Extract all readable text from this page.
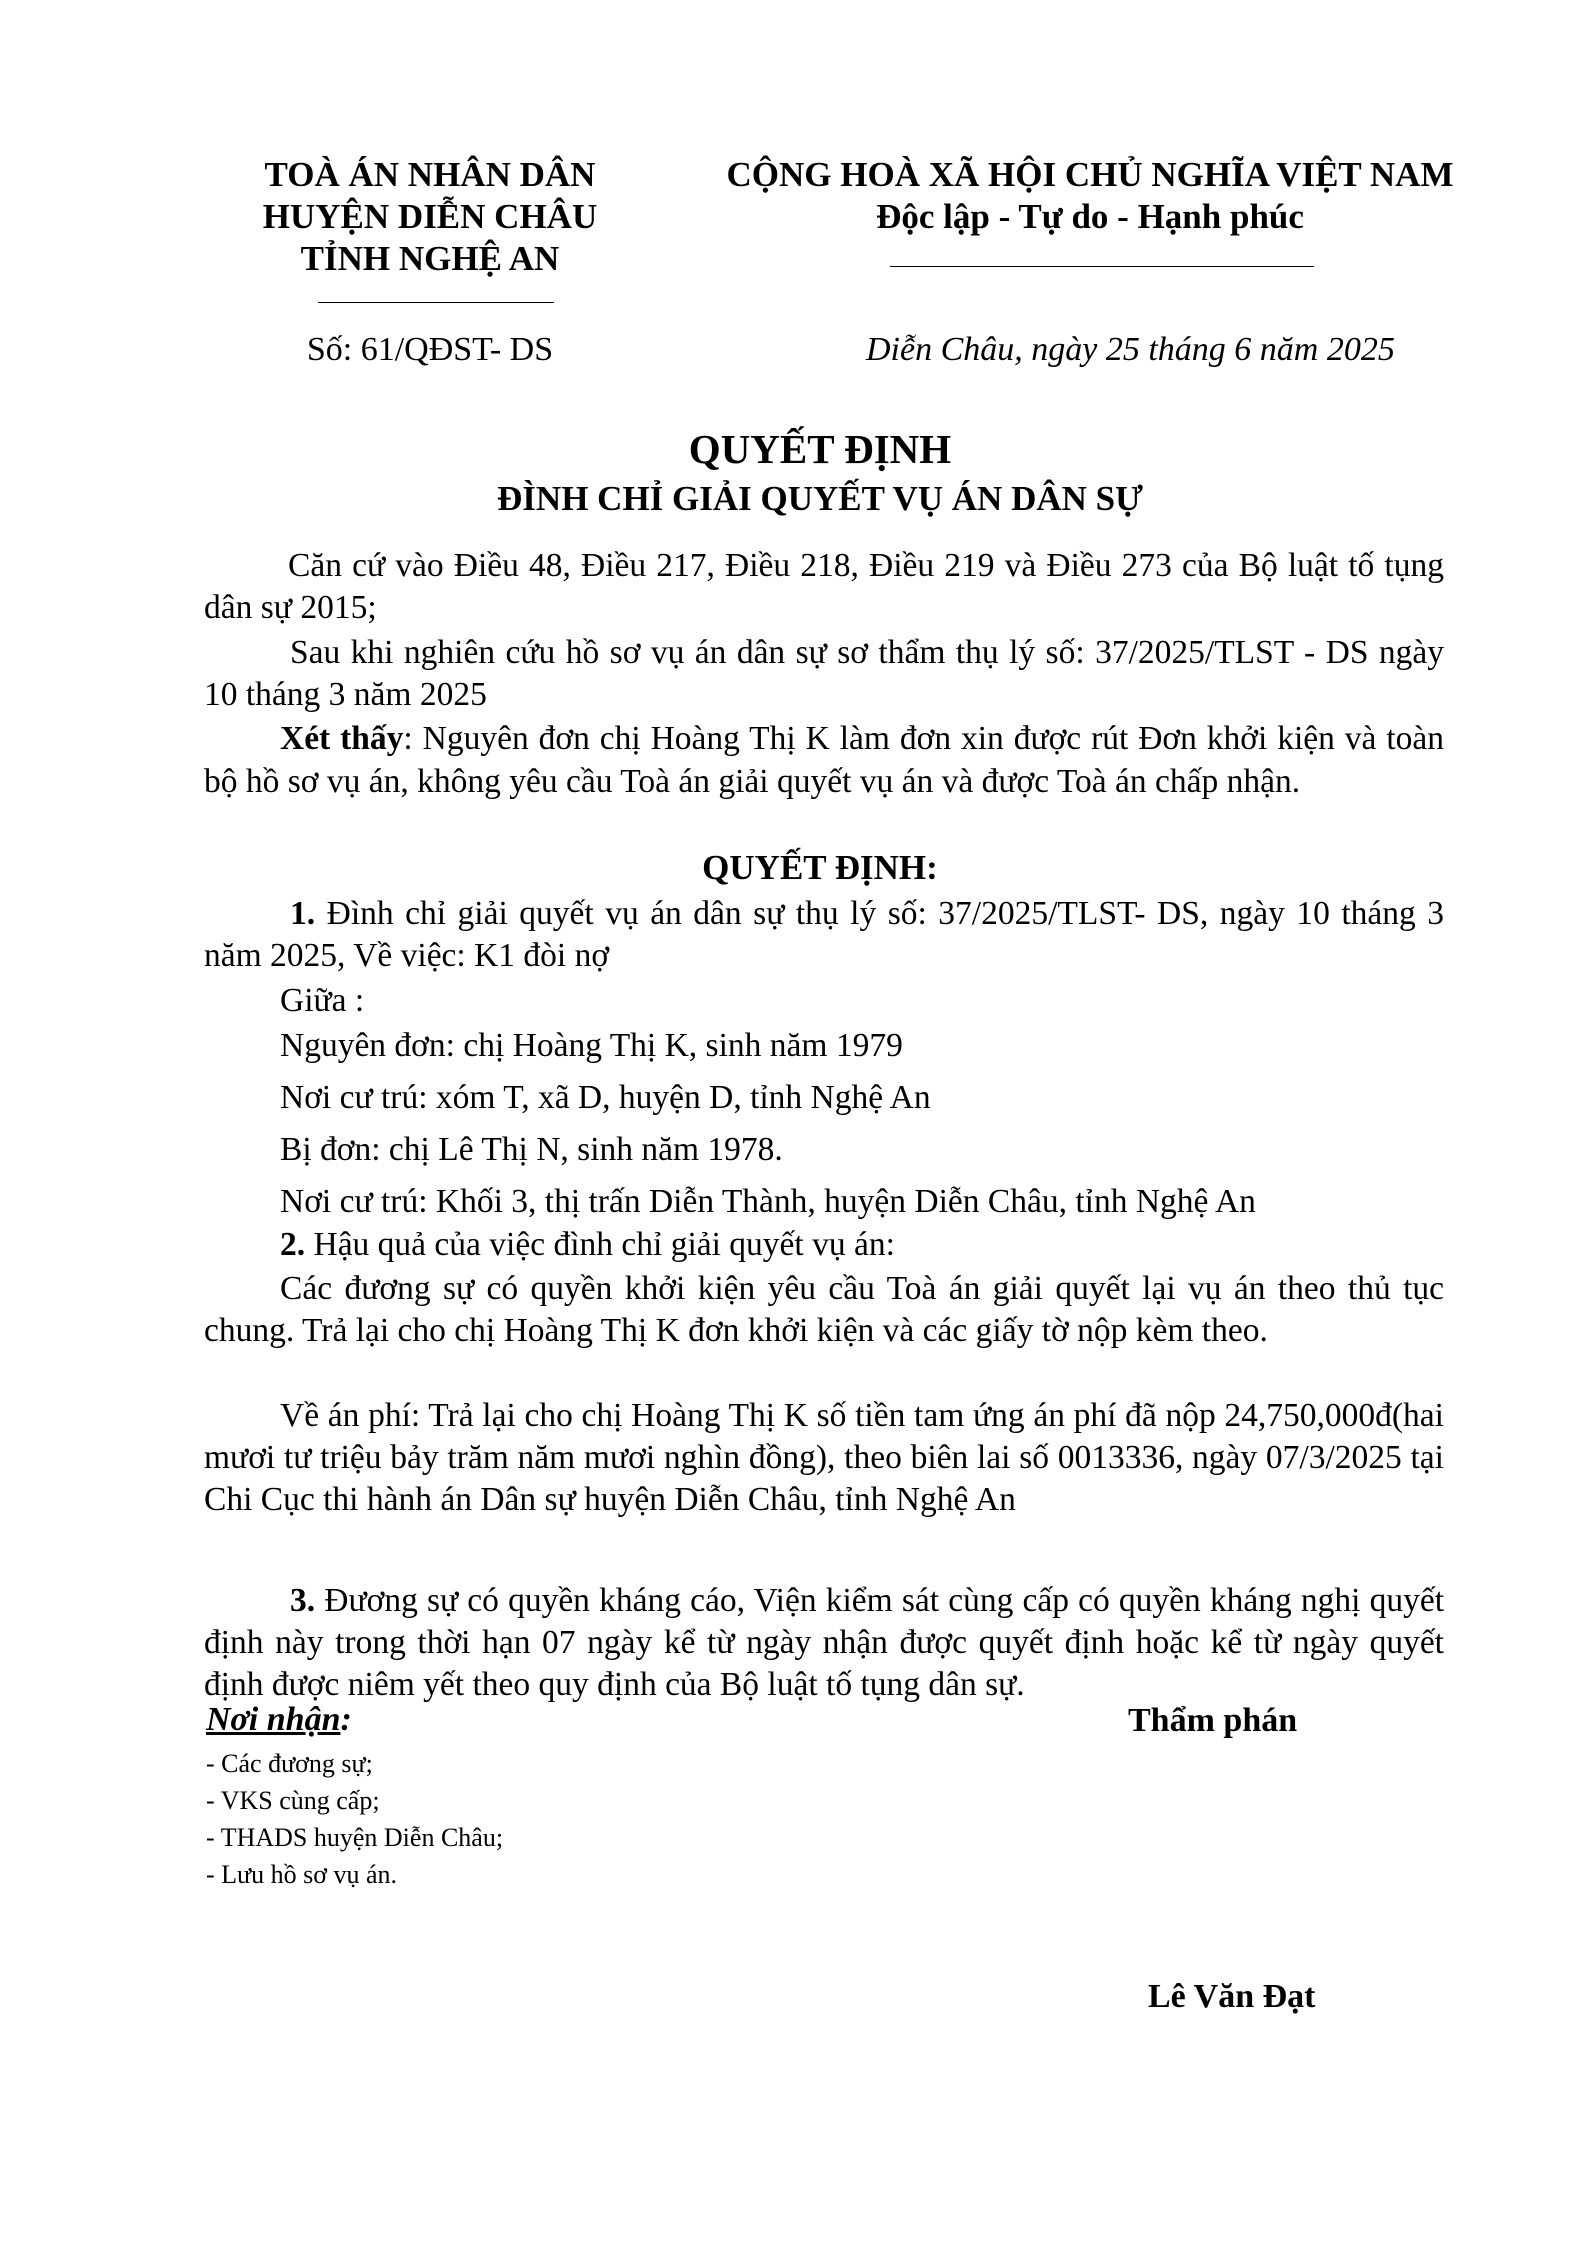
TOÀ ÁN NHÂN DÂN
HUYỆN DIỄN CHÂU
TỈNH NGHỆ AN
CỘNG HOÀ XÃ HỘI CHỦ NGHĨA VIỆT NAM
Độc lập - Tự do - Hạnh phúc
Số: 61/QĐST- DS	Diễn Châu, ngày 25 tháng 6 năm 2025
QUYẾT ĐỊNH
ĐÌNH CHỈ GIẢI QUYẾT VỤ ÁN DÂN SỰ
Căn cứ vào Điều 48, Điều 217, Điều 218, Điều 219 và Điều 273 của Bộ luật tố tụng dân sự 2015;
Sau khi nghiên cứu hồ sơ vụ án dân sự sơ thẩm thụ lý số: 37/2025/TLST - DS ngày 10 tháng 3 năm 2025
Xét thấy: Nguyên đơn chị Hoàng Thị K làm đơn xin được rút Đơn khởi kiện và toàn bộ hồ sơ vụ án, không yêu cầu Toà án giải quyết vụ án và được Toà án chấp nhận.
QUYẾT ĐỊNH:
1. Đình chỉ giải quyết vụ án dân sự thụ lý số: 37/2025/TLST- DS, ngày 10 tháng 3 năm 2025, Về việc: K1 đòi nợ
Giữa :
Nguyên đơn: chị Hoàng Thị K, sinh năm 1979
Nơi cư trú: xóm T, xã D, huyện D, tỉnh Nghệ An
Bị đơn: chị Lê Thị N, sinh năm 1978.
Nơi cư trú: Khối 3, thị trấn Diễn Thành, huyện Diễn Châu, tỉnh Nghệ An
2. Hậu quả của việc đình chỉ giải quyết vụ án:
Các đương sự có quyền khởi kiện yêu cầu Toà án giải quyết lại vụ án theo thủ tục chung. Trả lại cho chị Hoàng Thị K đơn khởi kiện và các giấy tờ nộp kèm theo.
Về án phí: Trả lại cho chị Hoàng Thị K số tiền tam ứng án phí đã nộp 24,750,000đ(hai mươi tư triệu bảy trăm năm mươi nghìn đồng), theo biên lai số 0013336, ngày 07/3/2025 tại Chi Cục thi hành án Dân sự huyện Diễn Châu, tỉnh Nghệ An
3. Đương sự có quyền kháng cáo, Viện kiểm sát cùng cấp có quyền kháng nghị quyết định này trong thời hạn 07 ngày kể từ ngày nhận được quyết định hoặc kể từ ngày quyết định được niêm yết theo quy định của Bộ luật tố tụng dân sự.
Nơi nhận:
- Các đương sự;
- VKS cùng cấp;
- THADS huyện Diễn Châu;
- Lưu hồ sơ vụ án.
Thẩm phán
Lê Văn Đạt
